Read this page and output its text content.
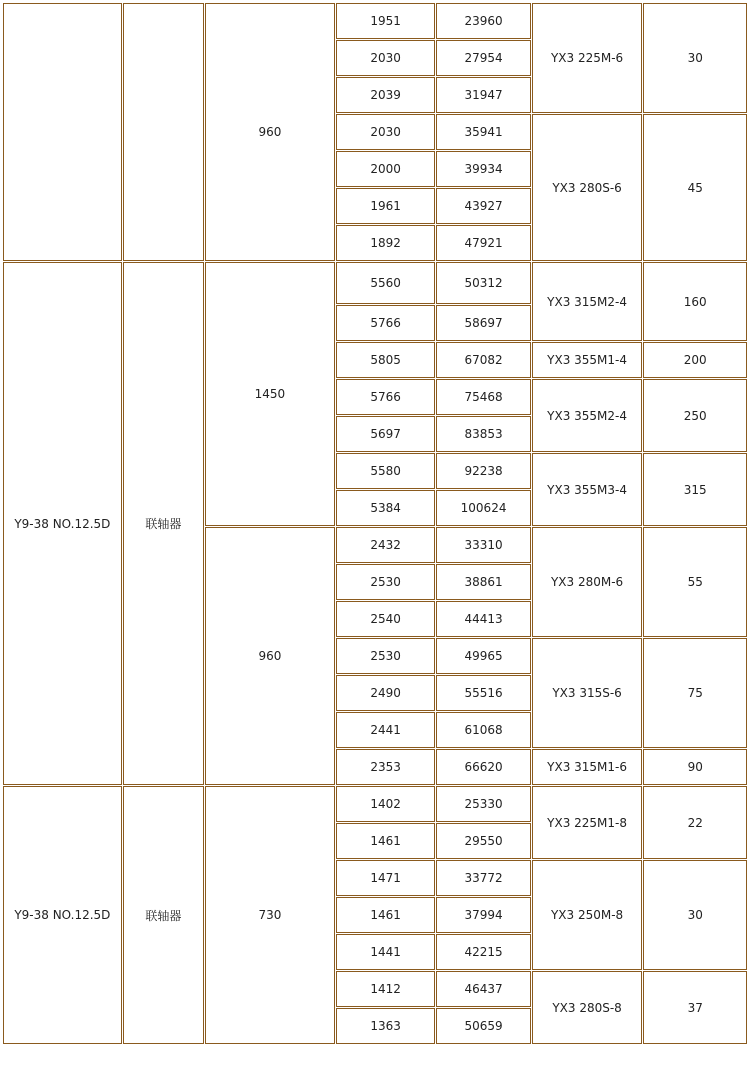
		960	1951	23960	YX3 225M-6	30
			2030	27954		
			2039	31947		
			2030	35941	YX3 280S-6	45
			2000	39934		
			1961	43927		
			1892	47921		
Y9-38 NO.12.5D	联轴器	1450	5560	50312	YX3 315M2-4	160
			5766	58697		
			5805	67082	YX3 355M1-4	200
			5766	75468	YX3 355M2-4	250
			5697	83853		
			5580	92238	YX3 355M3-4	315
			5384	100624		
		960	2432	33310	YX3 280M-6	55
			2530	38861		
			2540	44413		
			2530	49965	YX3 315S-6	75
			2490	55516		
			2441	61068		
			2353	66620	YX3 315M1-6	90
Y9-38 NO.12.5D	联轴器	730	1402	25330	YX3 225M1-8	22
			1461	29550		
			1471	33772	YX3 250M-8	30
			1461	37994		
			1441	42215		
			1412	46437	YX3 280S-8	37
			1363	50659		
